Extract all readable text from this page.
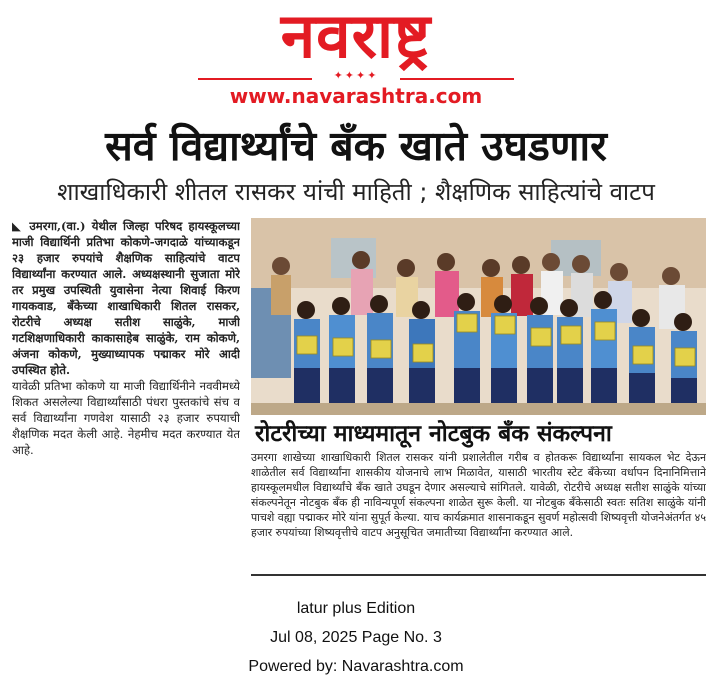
नवराष्ट्र
✦✦✦✦
www.navarashtra.com
सर्व विद्यार्थ्यांचे बँक खाते उघडणार
शाखाधिकारी शीतल रासकर यांची माहिती ; शैक्षणिक साहित्यांचे वाटप

◣ उमरगा,(वा.) येथील जिल्हा परिषद हायस्कूलच्या माजी विद्यार्थिनी प्रतिभा कोकणे-जगदाळे यांच्याकडून २३ हजार रुपयांचे शैक्षणिक साहित्यांचे वाटप विद्यार्थ्यांना करण्यात आले. अध्यक्षस्थानी सुजाता मोरे तर प्रमुख उपस्थिती युवासेना नेत्या शिवाई किरण गायकवाड, बँकेच्या शाखाधिकारी शितल रासकर, रोटरीचे अध्यक्ष सतीश साळुंके, माजी गटशिक्षणाधिकारी काकासाहेब साळुंके, राम कोकणे, अंजना कोकणे, मुख्याध्यापक पद्माकर मोरे आदी उपस्थित होते.

यावेळी प्रतिभा कोकणे या माजी विद्यार्थिनीने नववीमध्ये शिकत असलेल्या विद्यार्थ्यांसाठी पंधरा पुस्तकांचे संच व सर्व विद्यार्थ्यांना गणवेश यासाठी २३ हजार रुपयाची शैक्षणिक मदत केली आहे. नेहमीच मदत करण्यात येत आहे.

रोटरीच्या माध्यमातून नोटबुक बँक संकल्पना

उमरगा शाखेच्या शाखाधिकारी शितल रासकर यांनी प्रशालेतील गरीब व होतकरू विद्यार्थ्यांना सायकल भेट देऊन शाळेतील सर्व विद्यार्थ्यांना शासकीय योजनाचे लाभ मिळावेत, यासाठी भारतीय स्टेट बँकेच्या वर्धापन दिनानिमित्ताने हायस्कूलमधील विद्यार्थ्यांचे बँक खाते उघडून देणार असल्याचे सांगितले. यावेळी, रोटरीचे अध्यक्ष सतीश साळुंके यांच्या संकल्पनेतून नोटबुक बँक ही नाविन्यपूर्ण संकल्पना शाळेत सुरू केली. या नोटबुक बँकेसाठी स्वतः सतिश साळुंके यांनी पाचशे वह्या पद्माकर मोरे यांना सुपूर्त केल्या. याच कार्यक्रमात शासनाकडून सुवर्ण महोत्सवी शिष्यवृत्ती योजनेअंतर्गत ४५ हजार रुपयांच्या शिष्यवृत्तीचे वाटप अनुसूचित जमातीच्या विद्यार्थ्यांना करण्यात आले.

latur plus Edition
Jul 08, 2025 Page No. 3
Powered by: Navarashtra.com
